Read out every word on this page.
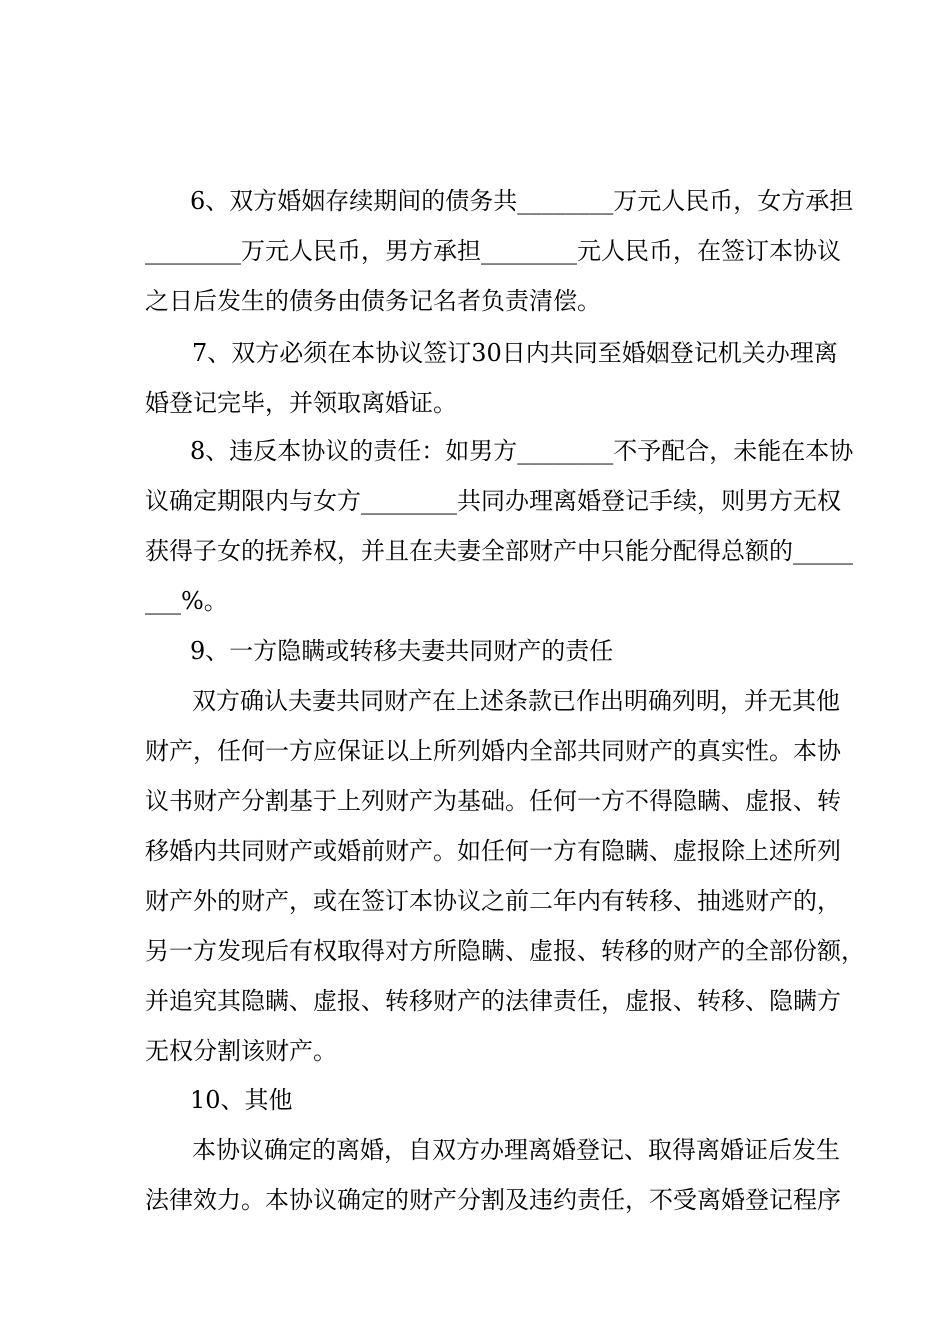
6、双方婚姻存续期间的债务共________万元人民币，女方承担
________万元人民币，男方承担________元人民币，在签订本协议
之日后发生的债务由债务记名者负责清偿。
7、双方必须在本协议签订30日内共同至婚姻登记机关办理离
婚登记完毕，并领取离婚证。
8、违反本协议的责任：如男方________不予配合，未能在本协
议确定期限内与女方________共同办理离婚登记手续，则男方无权
获得子女的抚养权，并且在夫妻全部财产中只能分配得总额的_____
___%。
9、一方隐瞒或转移夫妻共同财产的责任
双方确认夫妻共同财产在上述条款已作出明确列明，并无其他
财产，任何一方应保证以上所列婚内全部共同财产的真实性。本协
议书财产分割基于上列财产为基础。任何一方不得隐瞒、虚报、转
移婚内共同财产或婚前财产。如任何一方有隐瞒、虚报除上述所列
财产外的财产，或在签订本协议之前二年内有转移、抽逃财产的，
另一方发现后有权取得对方所隐瞒、虚报、转移的财产的全部份额，
并追究其隐瞒、虚报、转移财产的法律责任，虚报、转移、隐瞒方
无权分割该财产。
10、其他
本协议确定的离婚，自双方办理离婚登记、取得离婚证后发生
法律效力。本协议确定的财产分割及违约责任，不受离婚登记程序
